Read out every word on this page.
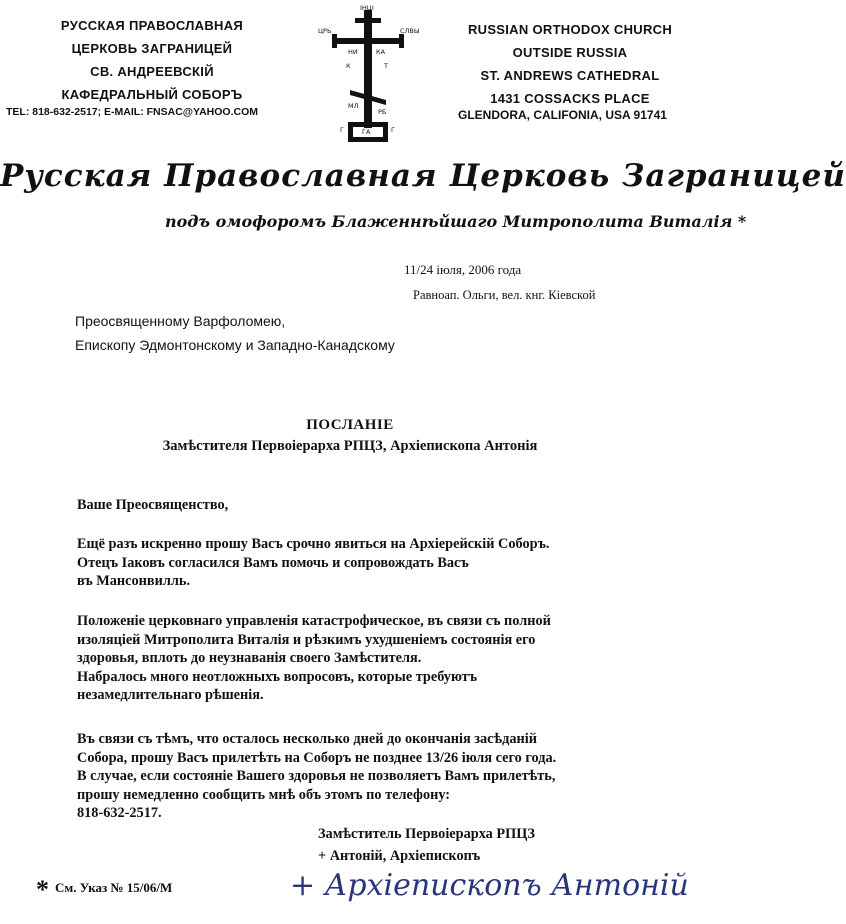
РУССКАЯ ПРАВОСЛАВНАЯ
ЦЕРКОВЬ ЗАГРАНИЦЕЙ
СВ. АНДРЕЕВСКІЙ
КАФЕДРАЛЬНЫЙ СОБОРЪ
TEL: 818-632-2517; E-MAIL: FNSAC@YAHOO.COM
ІНЦІ
ЦРЬ	СЛВЫ
НИ	КА
К	Т
МЛ
РБ
Г	ГА	Г
RUSSIAN ORTHODOX CHURCH
OUTSIDE RUSSIA
ST. ANDREWS CATHEDRAL
1431 COSSACKS PLACE
GLENDORA, CALIFONIA, USA 91741
Русская Православная Церковь Заграницей
подъ омофоромъ Блаженнѣйшаго Митрополита Виталія *
11/24 іюля, 2006 года
Равноап. Ольги, вел. кнг. Кіевской
Преосвященному Варфоломею,
Епископу Эдмонтонскому и Западно-Канадскому
ПОСЛАНІЕ
Замѣстителя Первоіерарха РПЦЗ, Архіепископа Антонія
Ваше Преосвященство,
Ещё разъ искренно прошу Васъ срочно явиться на Архіерейскій Соборъ.
Отецъ Іаковъ согласился Вамъ помочь и сопровождать Васъ
въ Мансонвилль.
Положеніе церковнаго управленія катастрофическое, въ связи съ полной
изоляціей Митрополита Виталія и рѣзкимъ ухудшеніемъ состоянія его
здоровья, вплоть до неузнаванія своего Замѣстителя.
Набралось много неотложныхъ вопросовъ, которые требуютъ
незамедлительнаго рѣшенія.
Въ связи съ тѣмъ, что осталось несколько дней до окончанія засѣданій
Собора, прошу Васъ прилетѣть на Соборъ не позднее 13/26 іюля сего года.
В случае, если состояніе Вашего здоровья не позволяетъ Вамъ прилетѣть,
прошу немедленно сообщить мнѣ объ этомъ по телефону:
818-632-2517.
Замѣститель Первоіерарха РПЦЗ
+ Антоній, Архіепископъ
* См. Указ № 15/06/М	+ Архіепископъ Антоній
